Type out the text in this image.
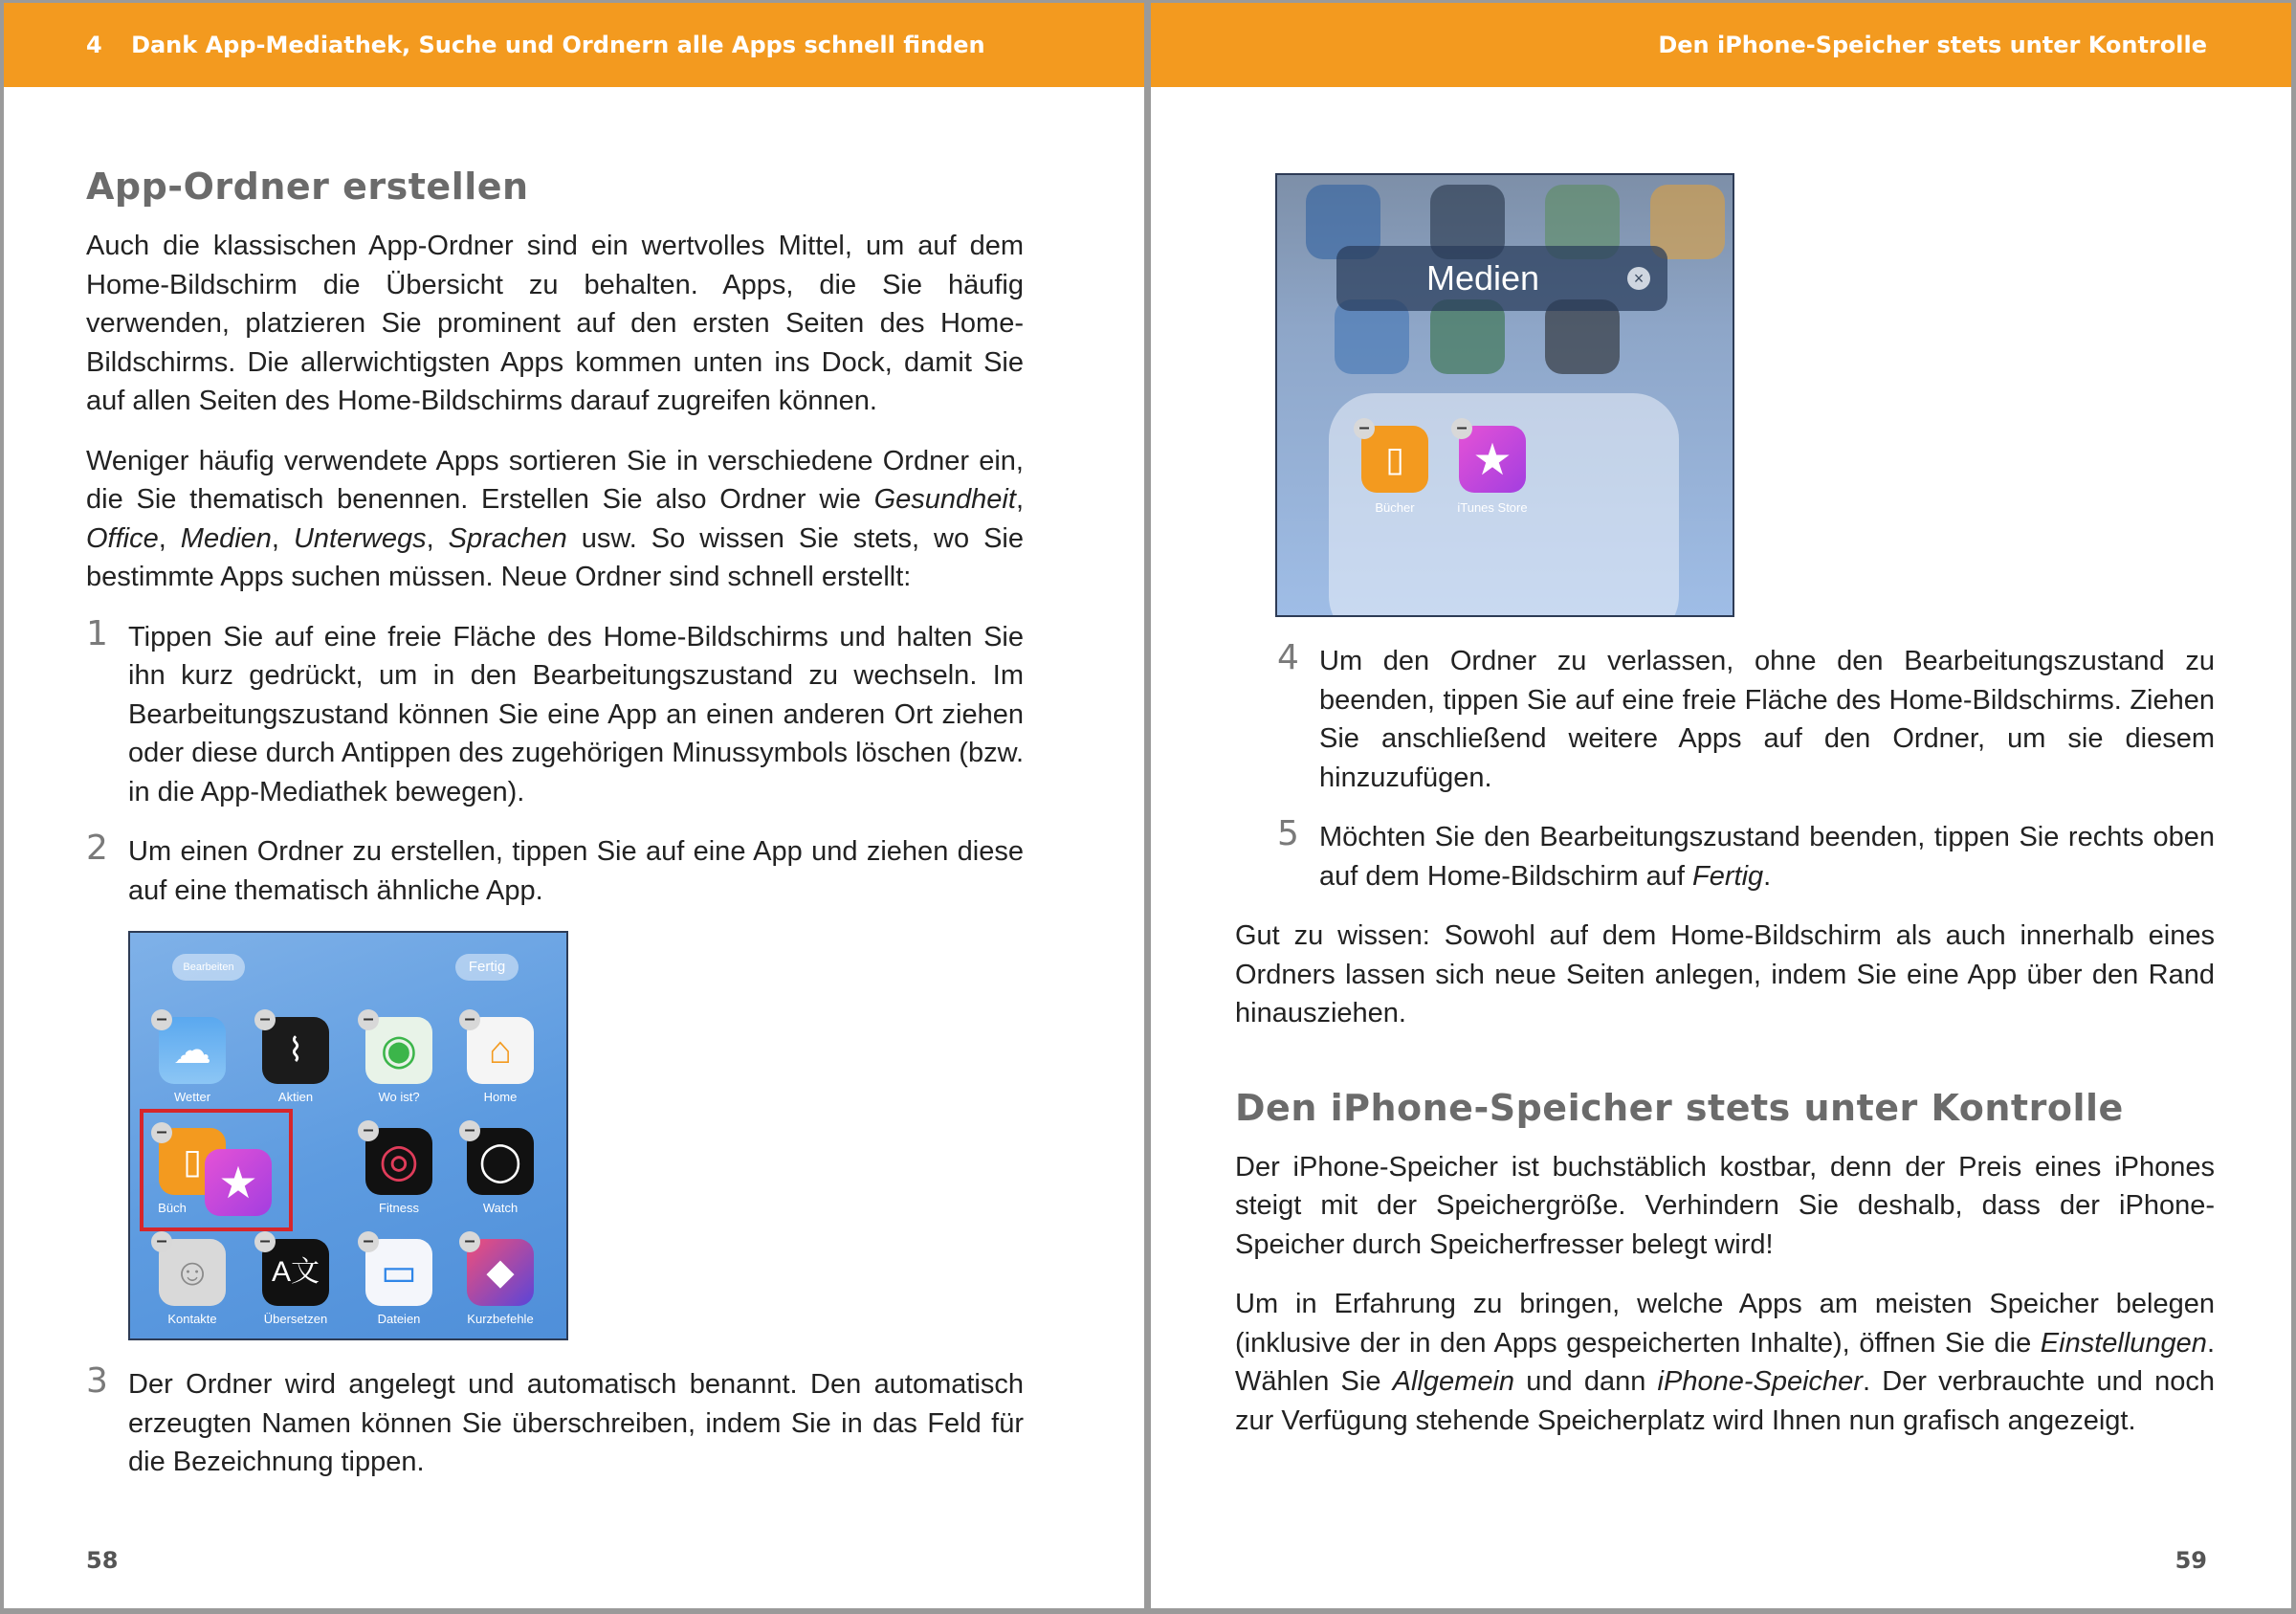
4 Dank App-Mediathek, Suche und Ordnern alle Apps schnell finden
App-Ordner erstellen

Auch die klassischen App-Ordner sind ein wertvolles Mittel, um auf dem Home-Bildschirm die Übersicht zu behalten. Apps, die Sie häufig verwenden, platzieren Sie prominent auf den ersten Seiten des Home-Bildschirms. Die allerwichtigsten Apps kommen unten ins Dock, damit Sie auf allen Seiten des Home-Bildschirms darauf zugreifen können.

Weniger häufig verwendete Apps sortieren Sie in verschiedene Ordner ein, die Sie thematisch benennen. Erstellen Sie also Ordner wie Gesundheit, Office, Medien, Unterwegs, Sprachen usw. So wissen Sie stets, wo Sie bestimmte Apps suchen müssen. Neue Ordner sind schnell erstellt:

1 Tippen Sie auf eine freie Fläche des Home-Bildschirms und halten Sie ihn kurz gedrückt, um in den Bearbeitungszustand zu wechseln. Im Bearbeitungszustand können Sie eine App an einen anderen Ort ziehen oder diese durch Antippen des zugehörigen Minussymbols löschen (bzw. in die App-Mediathek bewegen).

2 Um einen Ordner zu erstellen, tippen Sie auf eine App und ziehen diese auf eine thematisch ähnliche App.

Bearbeiten	Fertig
☁	⌇	◉	⌂
–	–	–	–
Wetter	Aktien	Wo ist?	Home
▯ ★	◎	◯
–	–	–
Büch	Fitness	Watch
☺	A文	▭	◆
–	–	–	–
Kontakte	Übersetzen	Dateien	Kurzbefehle
3 Der Ordner wird angelegt und automatisch benannt. Den automatisch erzeugten Namen können Sie überschreiben, indem Sie in das Feld für die Bezeichnung tippen.

58
Den iPhone-Speicher stets unter Kontrolle
Medien	×
▯	★
–	–
Bücher	iTunes Store
4 Um den Ordner zu verlassen, ohne den Bearbeitungszustand zu beenden, tippen Sie auf eine freie Fläche des Home-Bildschirms. Ziehen Sie anschließend weitere Apps auf den Ordner, um sie diesem hinzuzufügen.

5 Möchten Sie den Bearbeitungszustand beenden, tippen Sie rechts oben auf dem Home-Bildschirm auf Fertig.

Gut zu wissen: Sowohl auf dem Home-Bildschirm als auch innerhalb eines Ordners lassen sich neue Seiten anlegen, indem Sie eine App über den Rand hinausziehen.

Den iPhone-Speicher stets unter Kontrolle

Der iPhone-Speicher ist buchstäblich kostbar, denn der Preis eines iPhones steigt mit der Speichergröße. Verhindern Sie deshalb, dass der iPhone-Speicher durch Speicherfresser belegt wird!

Um in Erfahrung zu bringen, welche Apps am meisten Speicher belegen (inklusive der in den Apps gespeicherten Inhalte), öffnen Sie die Einstellungen. Wählen Sie Allgemein und dann iPhone-Speicher. Der verbrauchte und noch zur Verfügung stehende Speicherplatz wird Ihnen nun grafisch angezeigt.

59
